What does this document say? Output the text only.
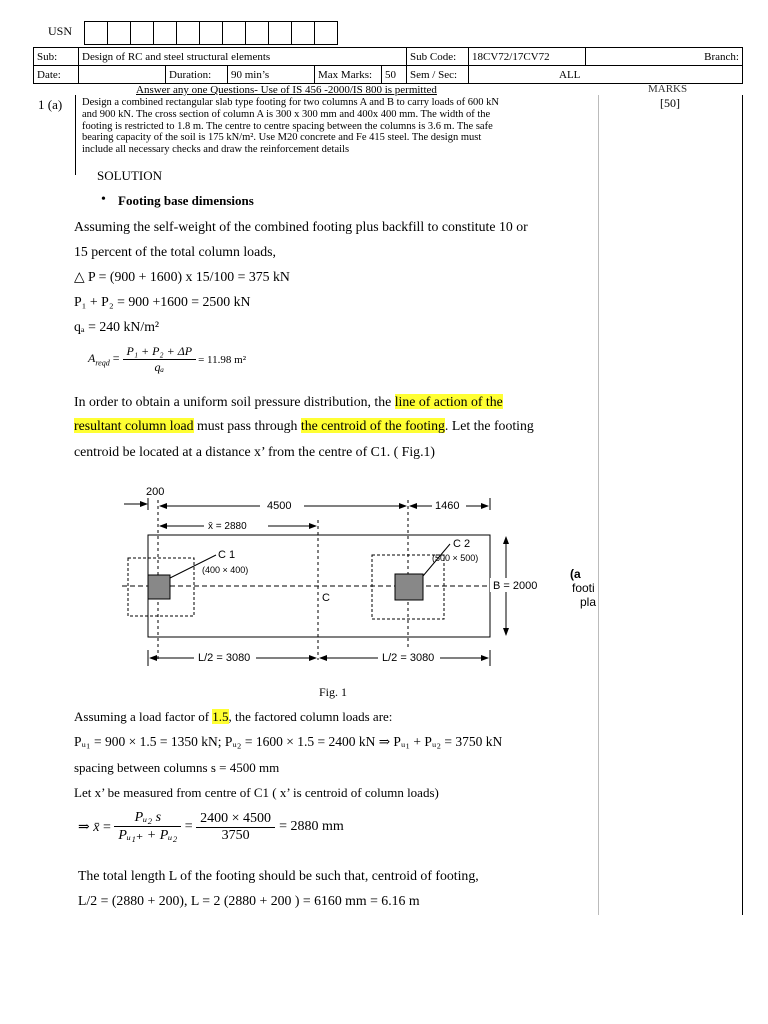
USN

Sub:	Design of RC and steel structural elements					Sub Code:	18CV72/17CV72	Branch:
Date:		Duration:	90 min’s	Max Marks:	50	Sem / Sec:	ALL	
Answer any one Questions- Use of IS 456 -2000/IS 800 is permitted	MARKS
1 (a)	[50]
Design a combined rectangular slab type footing for two columns A and B to carry loads of 600 kN
and 900 kN. The cross section of column A is 300 x 300 mm and 400x 400 mm. The width of the
footing is restricted to 1.8 m. The centre to centre spacing between the columns is 3.6 m. The safe
bearing capacity of the soil is 175 kN/m². Use M20 concrete and Fe 415 steel. The design must
include all necessary checks and draw the reinforcement details
SOLUTION
• Footing base dimensions
Assuming the self-weight of the combined footing plus backfill to constitute 10 or
15 percent of the total column loads,
△ P = (900 + 1600) x 15/100 = 375 kN
P₁ + P₂ = 900 +1600 = 2500 kN
qₐ = 240 kN/m²
$A_{reqd} = \frac{\text{P₁ + P₂ + ΔP}}{\text{qₐ}} = 11.98$ m²
In order to obtain a uniform soil pressure distribution, the line of action of the
resultant column load must pass through the centroid of the footing. Let the footing
centroid be located at a distance x’ from the centre of C1. ( Fig.1)
200
4500	1460
x̄ = 2880
C 1
(400 × 400)
C 2
(500 × 500)
C
B = 2000
L/2 = 3080	L/2 = 3080
(a
footi
pla
Fig. 1
Assuming a load factor of 1.5, the factored column loads are:
Pᵤ₁ = 900 × 1.5 = 1350 kN; Pᵤ₂ = 1600 × 1.5 = 2400 kN ⇒ Pᵤ₁ + Pᵤ₂ = 3750 kN
spacing between columns s = 4500 mm
Let x’ be measured from centre of C1 ( x’ is centroid of column loads)
⇒ x̄ = $\frac{\text{Pᵤ₂ s}}{\text{Pᵤ₁₊ + Pᵤ₂}} = \frac{2400 \times 4500}{3750} = 2880$ mm
The total length L of the footing should be such that, centroid of footing,
L/2 = (2880 + 200), L = 2 (2880 + 200 ) = 6160 mm = 6.16 m
